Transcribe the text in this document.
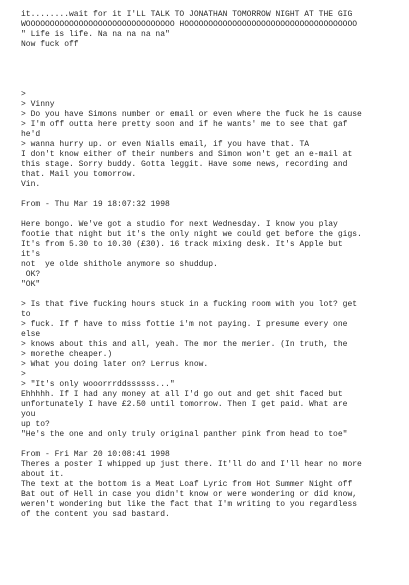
it........wait for it I'LL TALK TO JONATHAN TOMORROW NIGHT AT THE GIG
WOOOOOOOOOOOOOOOOOOOOOOOOOOOOOOO HOOOOOOOOOOOOOOOOOOOOOOOOOOOOOOOOOOOO
" Life is life. Na na na na na"
Now fuck off
>
> Vinny
> Do you have Simons number or email or even where the fuck he is cause
> I'm off outta here pretty soon and if he wants' me to see that gaf
he'd
> wanna hurry up. or even Nialls email, if you have that. TA
I don't know either of their numbers and Simon won't get an e-mail at
this stage. Sorry buddy. Gotta leggit. Have some news, recording and
that. Mail you tomorrow.
Vin.
From - Thu Mar 19 18:07:32 1998
Here bongo. We've got a studio for next Wednesday. I know you play
footie that night but it's the only night we could get before the gigs.
It's from 5.30 to 10.30 (£30). 16 track mixing desk. It's Apple but
it's
not  ye olde shithole anymore so shuddup.
OK?
"OK"
> Is that five fucking hours stuck in a fucking room with you lot? get
to
> fuck. If f have to miss fottie i'm not paying. I presume every one
else
> knows about this and all, yeah. The mor the merier. (In truth, the
> morethe cheaper.)
> What you doing later on? Lerrus know.
>
> "It's only wooorrrddssssss..."
Ehhhhh. If I had any money at all I'd go out and get shit faced but
unfortunately I have £2.50 until tomorrow. Then I get paid. What are
you
up to?
"He's the one and only truly original panther pink from head to toe"
From - Fri Mar 20 10:08:41 1998
Theres a poster I whipped up just there. It'll do and I'll hear no more
about it.
The text at the bottom is a Meat Loaf Lyric from Hot Summer Night off
Bat out of Hell in case you didn't know or were wondering or did know,
weren't wondering but like the fact that I'm writing to you regardless
of the content you sad bastard.
